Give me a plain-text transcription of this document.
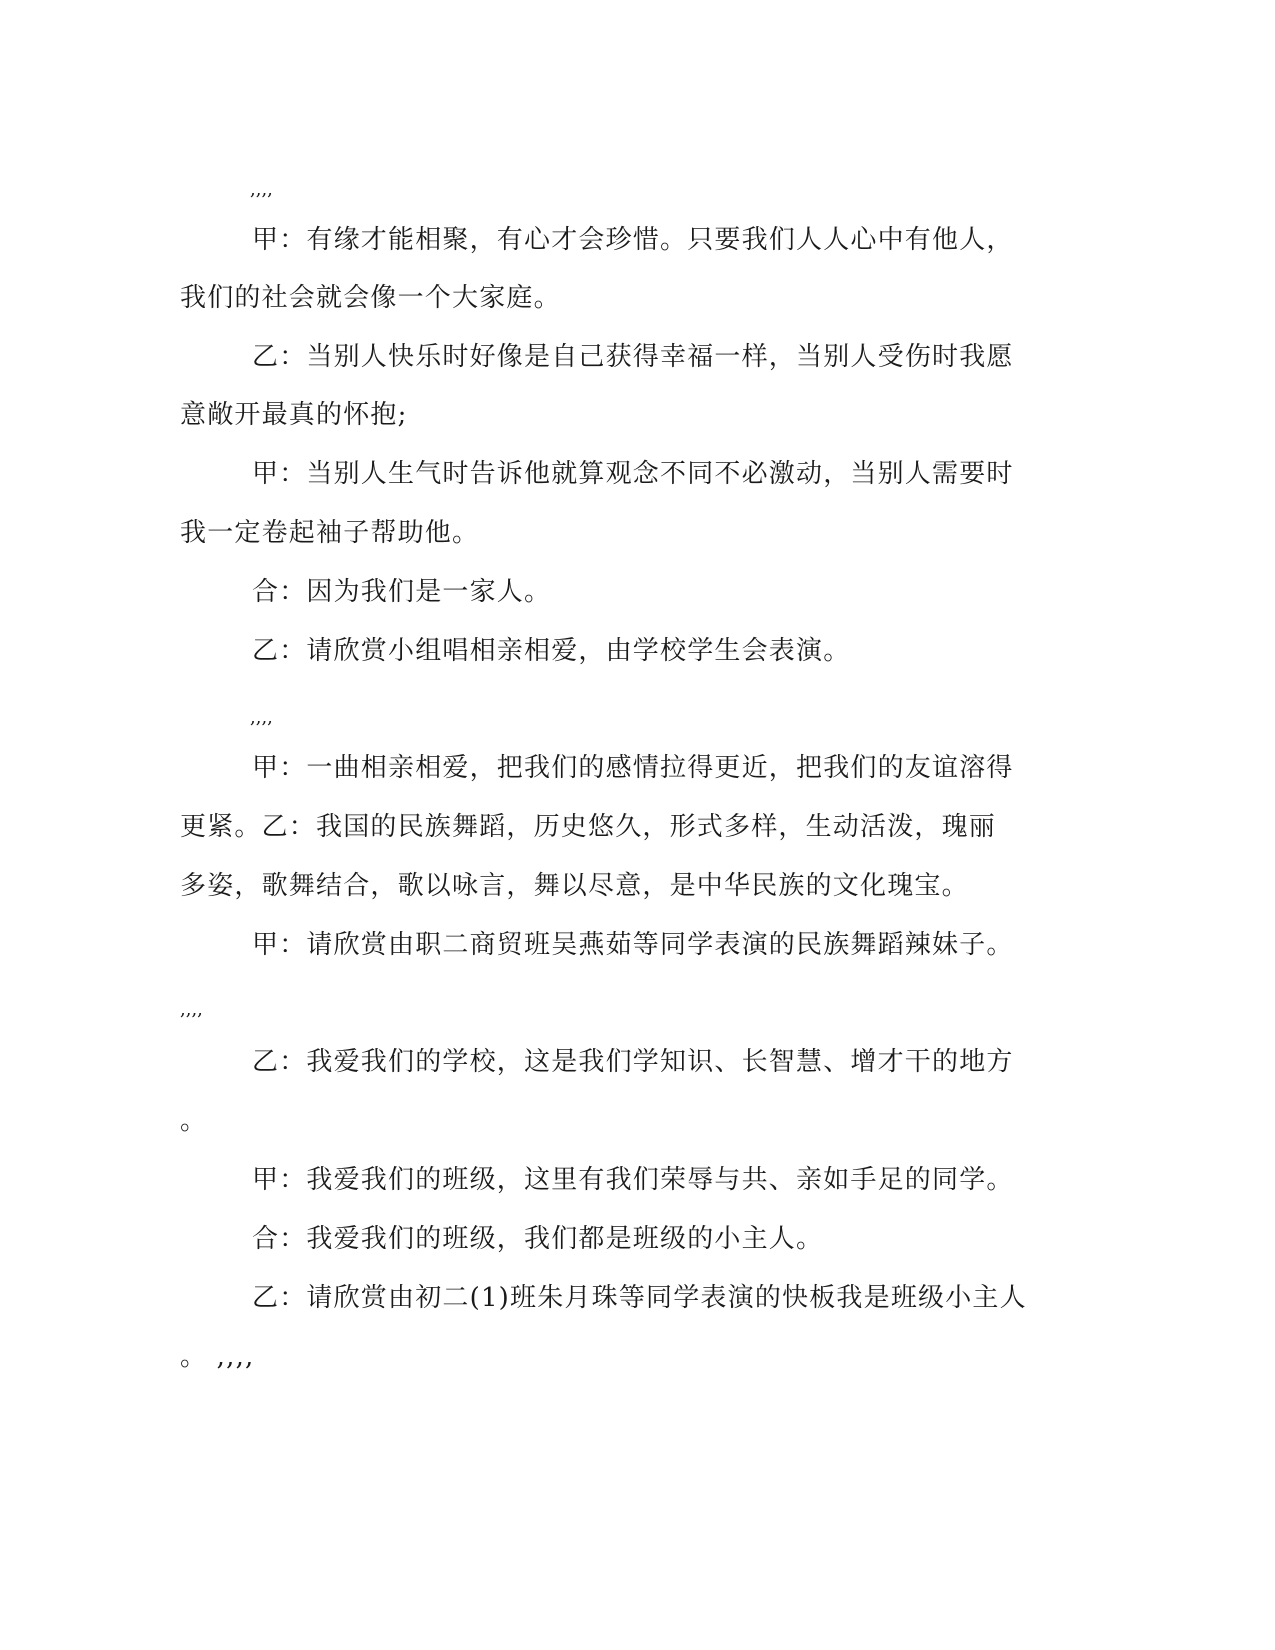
,,,,
甲：有缘才能相聚，有心才会珍惜。只要我们人人心中有他人，
我们的社会就会像一个大家庭。
乙：当别人快乐时好像是自己获得幸福一样，当别人受伤时我愿
意敞开最真的怀抱;
甲：当别人生气时告诉他就算观念不同不必激动，当别人需要时
我一定卷起袖子帮助他。
合：因为我们是一家人。
乙：请欣赏小组唱相亲相爱，由学校学生会表演。
,,,,
甲：一曲相亲相爱，把我们的感情拉得更近，把我们的友谊溶得
更紧。乙：我国的民族舞蹈，历史悠久，形式多样，生动活泼，瑰丽
多姿，歌舞结合，歌以咏言，舞以尽意，是中华民族的文化瑰宝。
甲：请欣赏由职二商贸班吴燕茹等同学表演的民族舞蹈辣妹子。
,,,,
乙：我爱我们的学校，这是我们学知识、长智慧、增才干的地方
。
甲：我爱我们的班级，这里有我们荣辱与共、亲如手足的同学。
合：我爱我们的班级，我们都是班级的小主人。
乙：请欣赏由初二(1)班朱月珠等同学表演的快板我是班级小主人
。 ,,,,
